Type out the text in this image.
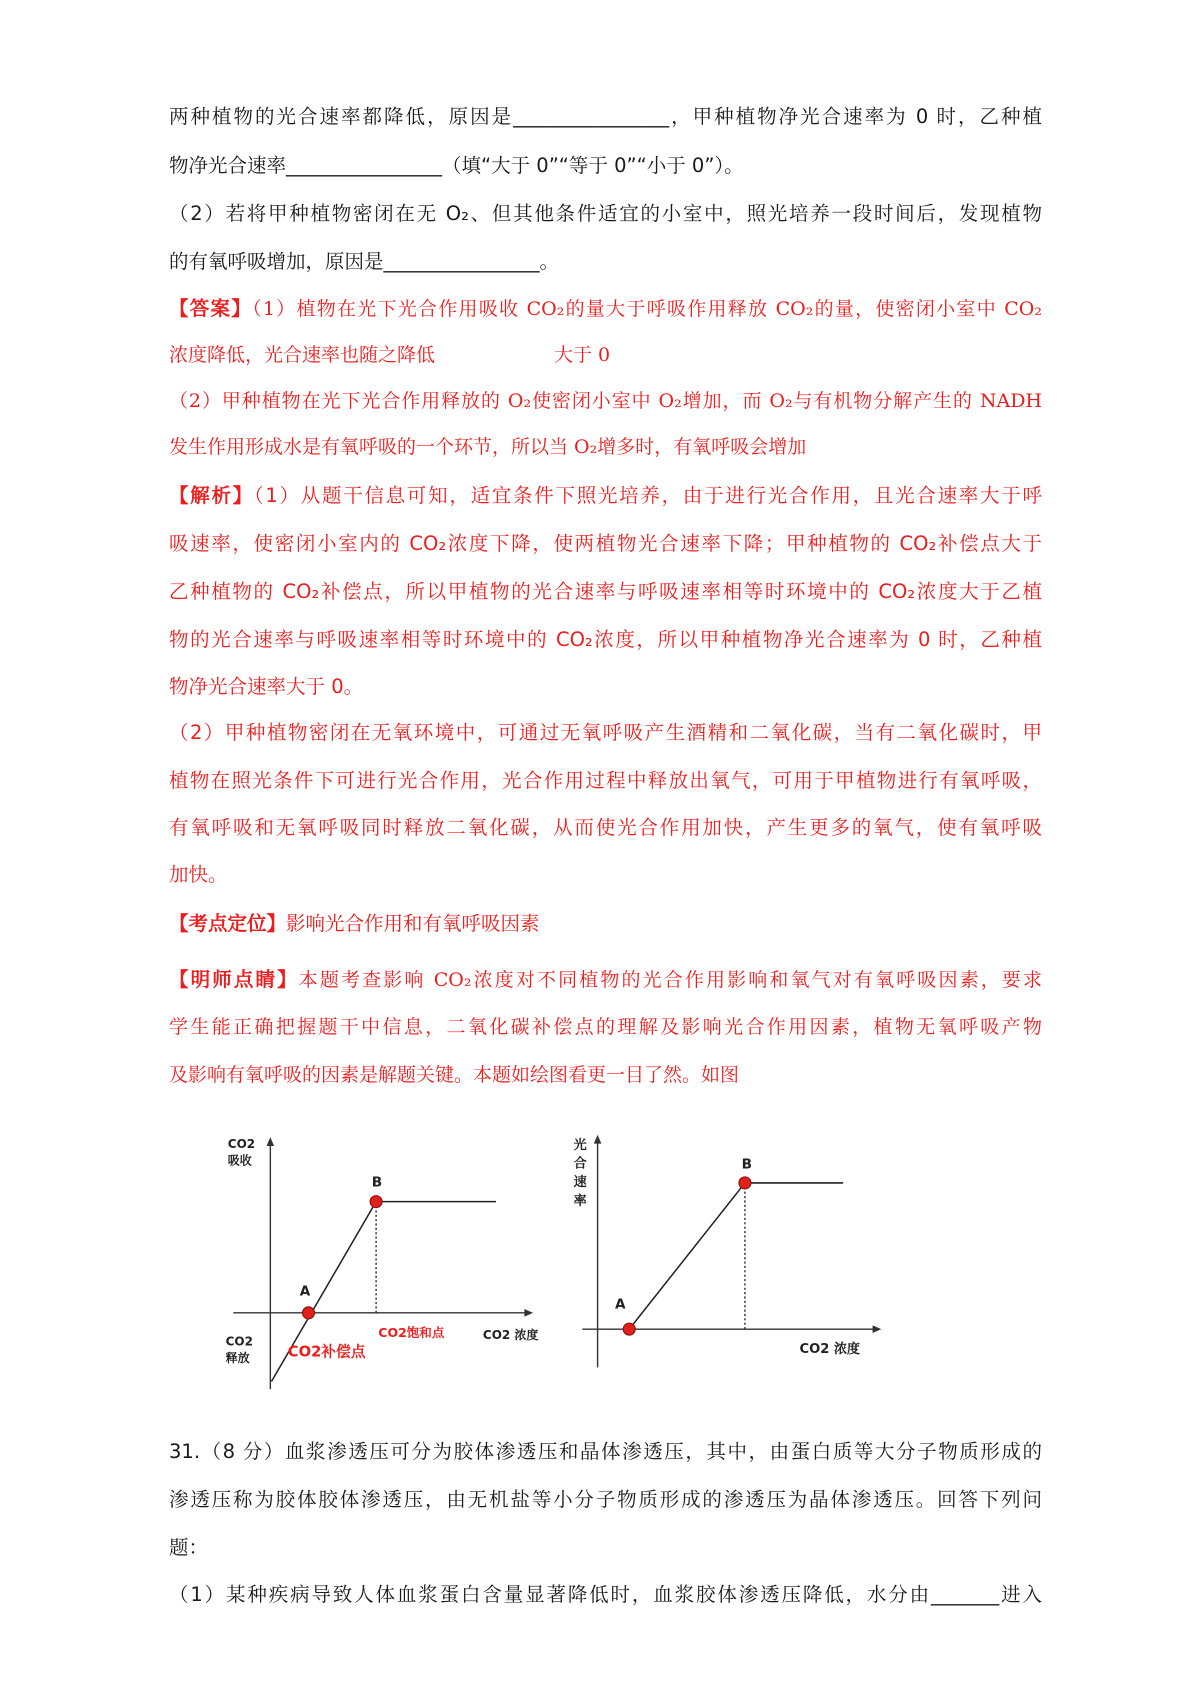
两种植物的光合速率都降低，原因是________________，甲种植物净光合速率为 0 时，乙种植
物净光合速率________________（填“大于 0”“等于 0”“小于 0”）。
（2）若将甲种植物密闭在无 O₂、但其他条件适宜的小室中，照光培养一段时间后，发现植物
的有氧呼吸增加，原因是________________。
【答案】（1）植物在光下光合作用吸收 CO₂的量大于呼吸作用释放 CO₂的量，使密闭小室中 CO₂
浓度降低，光合速率也随之降低	大于 0
（2）甲种植物在光下光合作用释放的 O₂使密闭小室中 O₂增加，而 O₂与有机物分解产生的 NADH
发生作用形成水是有氧呼吸的一个环节，所以当 O₂增多时，有氧呼吸会增加
【解析】（1）从题干信息可知，适宜条件下照光培养，由于进行光合作用，且光合速率大于呼
吸速率，使密闭小室内的 CO₂浓度下降，使两植物光合速率下降；甲种植物的 CO₂补偿点大于
乙种植物的 CO₂补偿点，所以甲植物的光合速率与呼吸速率相等时环境中的 CO₂浓度大于乙植
物的光合速率与呼吸速率相等时环境中的 CO₂浓度，所以甲种植物净光合速率为 0 时，乙种植
物净光合速率大于 0。
（2）甲种植物密闭在无氧环境中，可通过无氧呼吸产生酒精和二氧化碳，当有二氧化碳时，甲
植物在照光条件下可进行光合作用，光合作用过程中释放出氧气，可用于甲植物进行有氧呼吸，
有氧呼吸和无氧呼吸同时释放二氧化碳，从而使光合作用加快，产生更多的氧气，使有氧呼吸
加快。
【考点定位】影响光合作用和有氧呼吸因素
【明师点睛】本题考查影响 CO₂浓度对不同植物的光合作用影响和氧气对有氧呼吸因素，要求
学生能正确把握题干中信息，二氧化碳补偿点的理解及影响光合作用因素，植物无氧呼吸产物
及影响有氧呼吸的因素是解题关键。本题如绘图看更一目了然。如图
CO2
吸收
CO2
释放
A
B
CO2饱和点
CO2补偿点
CO2 浓度
光
合
速
率
A
B
CO2 浓度
31.（8 分）血浆渗透压可分为胶体渗透压和晶体渗透压，其中，由蛋白质等大分子物质形成的
渗透压称为胶体胶体渗透压，由无机盐等小分子物质形成的渗透压为晶体渗透压。回答下列问
题：
（1）某种疾病导致人体血浆蛋白含量显著降低时，血浆胶体渗透压降低，水分由_______进入
